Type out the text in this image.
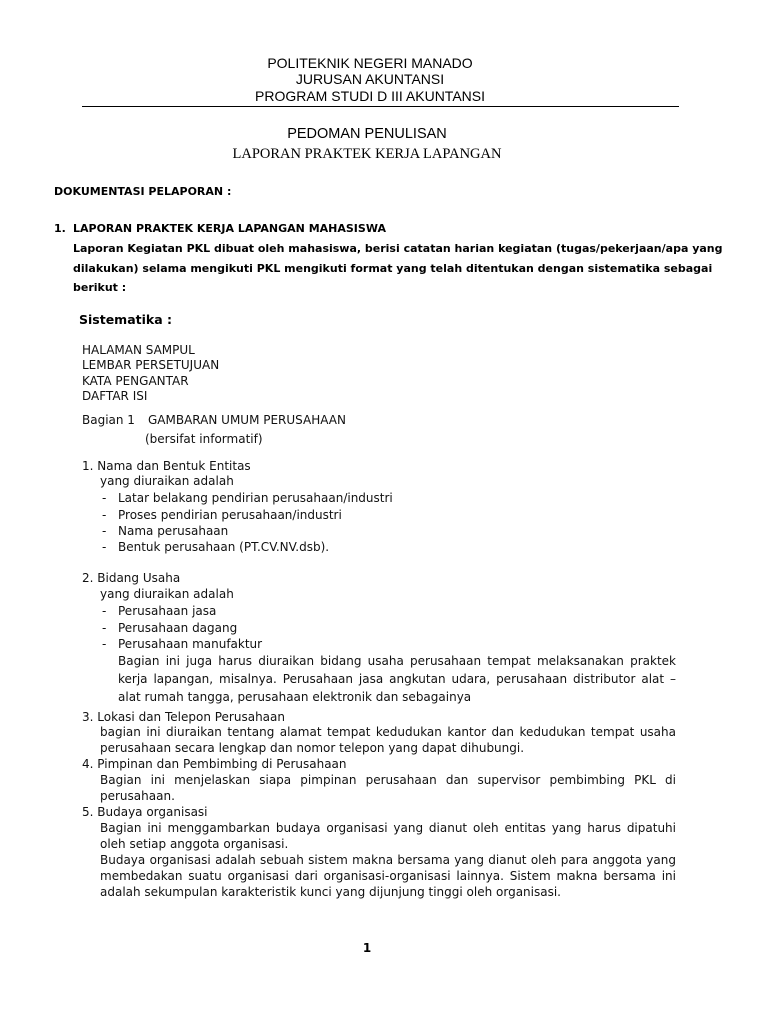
POLITEKNIK NEGERI MANADO

JURUSAN AKUNTANSI

PROGRAM STUDI D III AKUNTANSI

PEDOMAN PENULISAN

LAPORAN PRAKTEK KERJA LAPANGAN

DOKUMENTASI PELAPORAN :

1. LAPORAN PRAKTEK KERJA LAPANGAN MAHASISWA

Laporan Kegiatan PKL dibuat oleh mahasiswa, berisi catatan harian kegiatan (tugas/pekerjaan/apa yang

dilakukan) selama mengikuti PKL mengikuti format yang telah ditentukan dengan sistematika sebagai

berikut :

Sistematika :

HALAMAN SAMPUL

LEMBAR PERSETUJUAN

KATA PENGANTAR

DAFTAR ISI

Bagian 1 GAMBARAN UMUM PERUSAHAAN

(bersifat informatif)

1. Nama dan Bentuk Entitas

yang diuraikan adalah

- Latar belakang pendirian perusahaan/industri

- Proses pendirian perusahaan/industri

- Nama perusahaan

- Bentuk perusahaan (PT.CV.NV.dsb).

2. Bidang Usaha

yang diuraikan adalah

- Perusahaan jasa

- Perusahaan dagang

- Perusahaan manufaktur

Bagian ini juga harus diuraikan bidang usaha perusahaan tempat melaksanakan praktek

kerja lapangan, misalnya. Perusahaan jasa angkutan udara, perusahaan distributor alat –

alat rumah tangga, perusahaan elektronik dan sebagainya

3. Lokasi dan Telepon Perusahaan

bagian ini diuraikan tentang alamat tempat kedudukan kantor dan kedudukan tempat usaha

perusahaan secara lengkap dan nomor telepon yang dapat dihubungi.

4. Pimpinan dan Pembimbing di Perusahaan

Bagian ini menjelaskan siapa pimpinan perusahaan dan supervisor pembimbing PKL di

perusahaan.

5. Budaya organisasi

Bagian ini menggambarkan budaya organisasi yang dianut oleh entitas yang harus dipatuhi

oleh setiap anggota organisasi.

Budaya organisasi adalah sebuah sistem makna bersama yang dianut oleh para anggota yang

membedakan suatu organisasi dari organisasi-organisasi lainnya. Sistem makna bersama ini

adalah sekumpulan karakteristik kunci yang dijunjung tinggi oleh organisasi.

1
